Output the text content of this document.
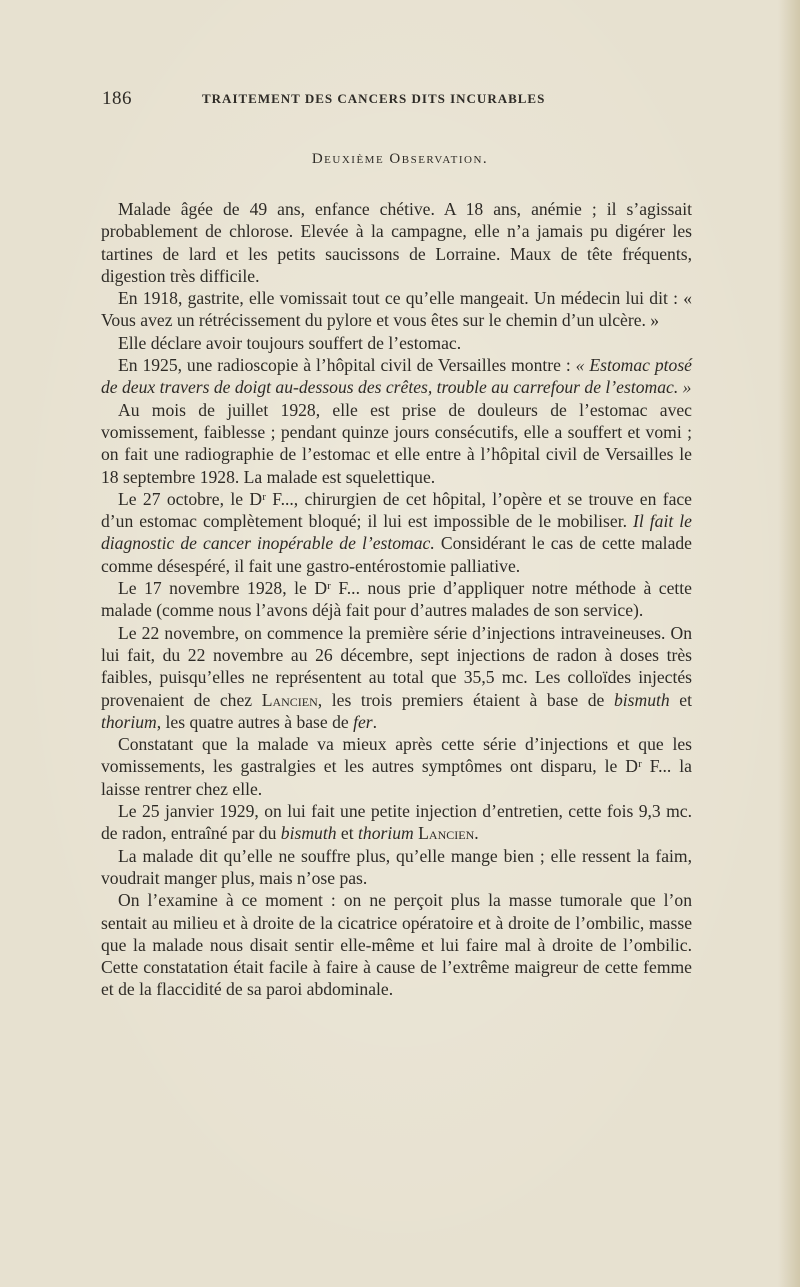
186	TRAITEMENT DES CANCERS DITS INCURABLES
Deuxième Observation.

Malade âgée de 49 ans, enfance chétive. A 18 ans, anémie ; il s’agissait probablement de chlorose. Elevée à la campagne, elle n’a jamais pu digérer les tartines de lard et les petits saucissons de Lorraine. Maux de tête fréquents, digestion très difficile.

En 1918, gastrite, elle vomissait tout ce qu’elle mangeait. Un médecin lui dit : « Vous avez un rétrécissement du pylore et vous êtes sur le chemin d’un ulcère. »

Elle déclare avoir toujours souffert de l’estomac.

En 1925, une radioscopie à l’hôpital civil de Versailles montre : « Estomac ptosé de deux travers de doigt au-dessous des crêtes, trouble au carrefour de l’estomac. »

Au mois de juillet 1928, elle est prise de douleurs de l’estomac avec vomissement, faiblesse ; pendant quinze jours consécutifs, elle a souffert et vomi ; on fait une radiographie de l’estomac et elle entre à l’hôpital civil de Versailles le 18 septembre 1928. La malade est squelettique.

Le 27 octobre, le Dʳ F..., chirurgien de cet hôpital, l’opère et se trouve en face d’un estomac complètement bloqué; il lui est impossible de le mobiliser. Il fait le diagnostic de cancer inopérable de l’estomac. Considérant le cas de cette malade comme désespéré, il fait une gastro-entérostomie palliative.

Le 17 novembre 1928, le Dʳ F... nous prie d’appliquer notre méthode à cette malade (comme nous l’avons déjà fait pour d’autres malades de son service).

Le 22 novembre, on commence la première série d’injections intraveineuses. On lui fait, du 22 novembre au 26 décembre, sept injections de radon à doses très faibles, puisqu’elles ne représentent au total que 35,5 mc. Les colloïdes injectés provenaient de chez Lancien, les trois premiers étaient à base de bismuth et thorium, les quatre autres à base de fer.

Constatant que la malade va mieux après cette série d’injections et que les vomissements, les gastralgies et les autres symptômes ont disparu, le Dʳ F... la laisse rentrer chez elle.

Le 25 janvier 1929, on lui fait une petite injection d’entretien, cette fois 9,3 mc. de radon, entraîné par du bismuth et thorium Lancien.

La malade dit qu’elle ne souffre plus, qu’elle mange bien ; elle ressent la faim, voudrait manger plus, mais n’ose pas.

On l’examine à ce moment : on ne perçoit plus la masse tumorale que l’on sentait au milieu et à droite de la cicatrice opératoire et à droite de l’ombilic, masse que la malade nous disait sentir elle-même et lui faire mal à droite de l’ombilic. Cette constatation était facile à faire à cause de l’extrême maigreur de cette femme et de la flaccidité de sa paroi abdominale.
